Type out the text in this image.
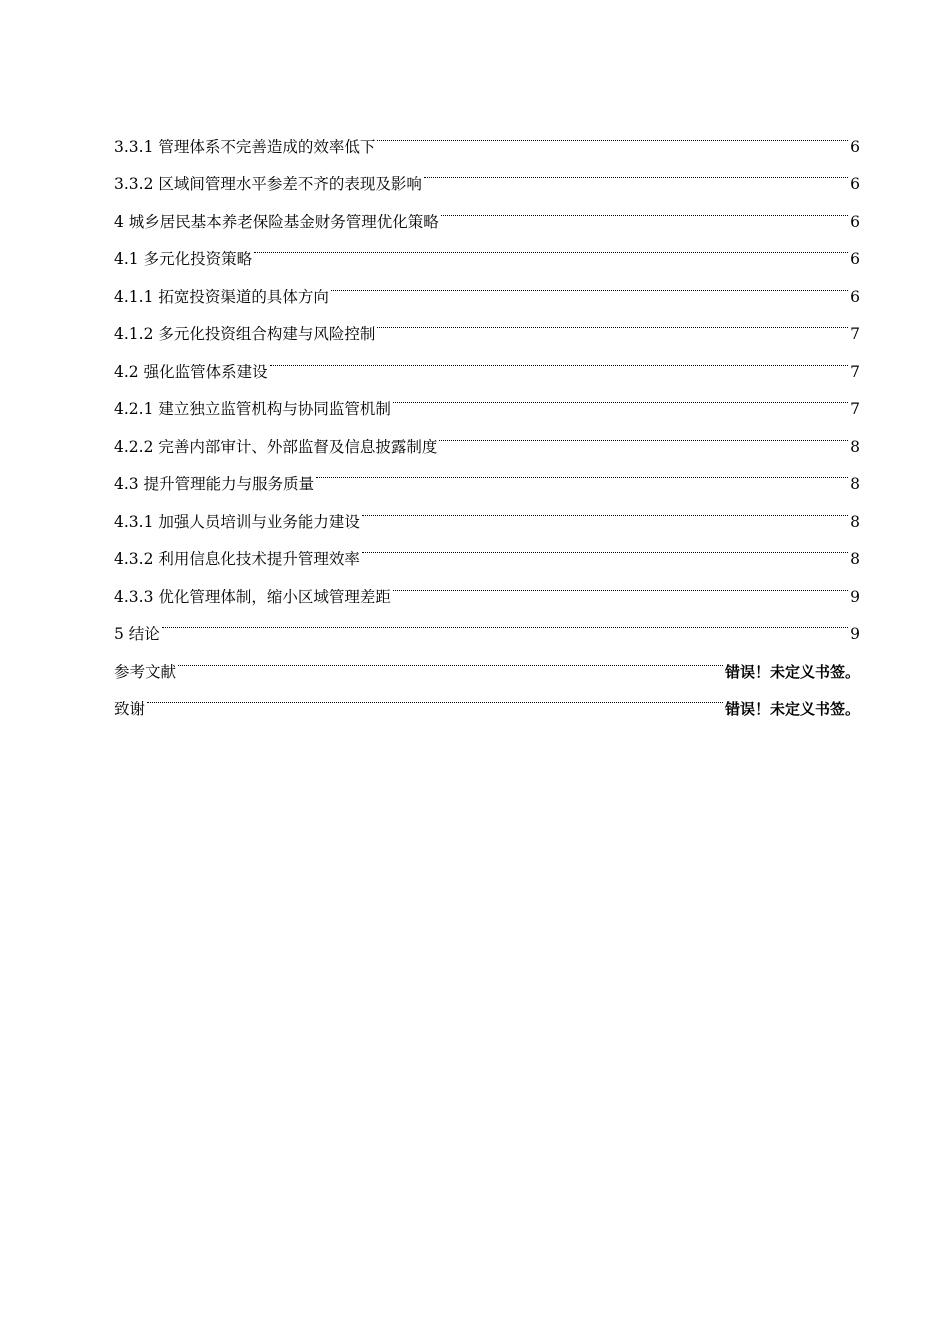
3.3.1 管理体系不完善造成的效率低下	6
3.3.2 区域间管理水平参差不齐的表现及影响	6
4 城乡居民基本养老保险基金财务管理优化策略	6
4.1 多元化投资策略	6
4.1.1 拓宽投资渠道的具体方向	6
4.1.2 多元化投资组合构建与风险控制	7
4.2 强化监管体系建设	7
4.2.1 建立独立监管机构与协同监管机制	7
4.2.2 完善内部审计、外部监督及信息披露制度	8
4.3 提升管理能力与服务质量	8
4.3.1 加强人员培训与业务能力建设	8
4.3.2 利用信息化技术提升管理效率	8
4.3.3 优化管理体制，缩小区域管理差距	9
5 结论	9
参考文献	错误！未定义书签。
致谢	错误！未定义书签。
